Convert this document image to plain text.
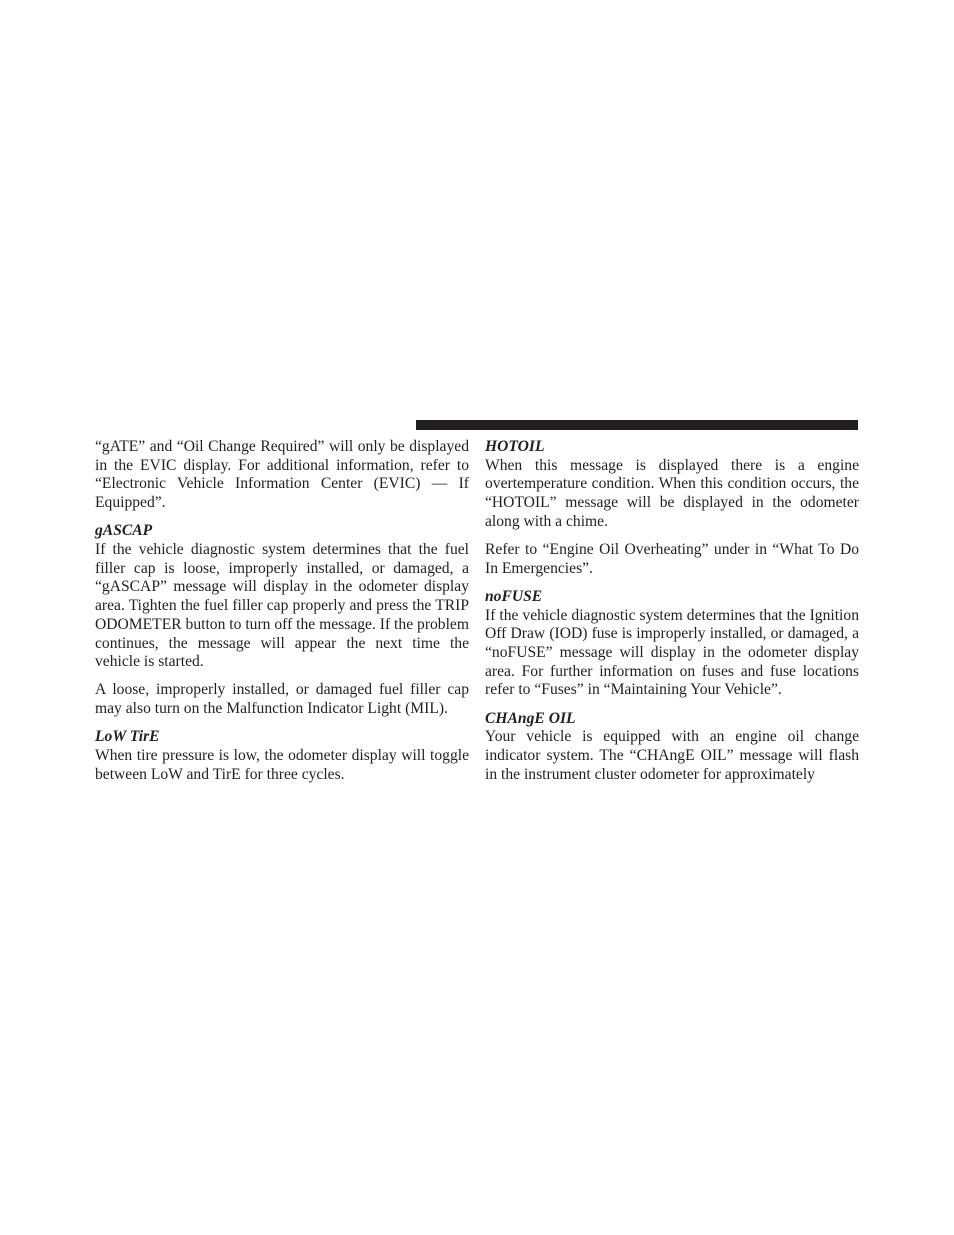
“gATE” and “Oil Change Required” will only be displayed in the EVIC display. For additional information, refer to “Electronic Vehicle Information Center (EVIC) — If Equipped”.

gASCAP

If the vehicle diagnostic system determines that the fuel filler cap is loose, improperly installed, or damaged, a “gASCAP” message will display in the odometer display area. Tighten the fuel filler cap properly and press the TRIP ODOMETER button to turn off the message. If the problem continues, the message will appear the next time the vehicle is started.

A loose, improperly installed, or damaged fuel filler cap may also turn on the Malfunction Indicator Light (MIL).

LoW TirE

When tire pressure is low, the odometer display will toggle between LoW and TirE for three cycles.

HOTOIL

When this message is displayed there is a engine overtemperature condition. When this condition occurs, the “HOTOIL” message will be displayed in the odometer along with a chime.

Refer to “Engine Oil Overheating” under in “What To Do In Emergencies”.

noFUSE

If the vehicle diagnostic system determines that the Ignition Off Draw (IOD) fuse is improperly installed, or damaged, a “noFUSE” message will display in the odometer display area. For further information on fuses and fuse locations refer to “Fuses” in “Maintaining Your Vehicle”.

CHAngE OIL

Your vehicle is equipped with an engine oil change indicator system. The “CHAngE OIL” message will flash in the instrument cluster odometer for approximately
